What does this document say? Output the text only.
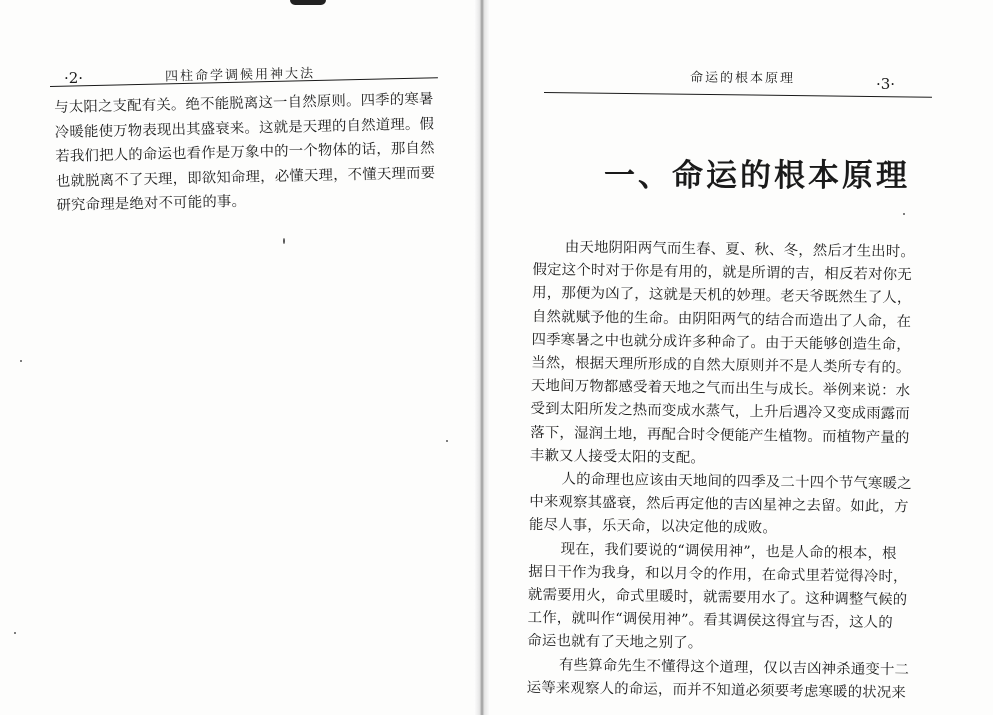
·2·	四柱命学调候用神大法
与太阳之支配有关。绝不能脱离这一自然原则。四季的寒暑
冷暖能使万物表现出其盛衰来。这就是天理的自然道理。假
若我们把人的命运也看作是万象中的一个物体的话，那自然
也就脱离不了天理，即欲知命理，必懂天理，不懂天理而要
研究命理是绝对不可能的事。
命运的根本原理	·3·
一、命运的根本原理
由天地阴阳两气而生春、夏、秋、冬，然后才生出时。
假定这个时对于你是有用的，就是所谓的吉，相反若对你无
用，那便为凶了，这就是天机的妙理。老天爷既然生了人，
自然就赋予他的生命。由阴阳两气的结合而造出了人命，在
四季寒暑之中也就分成许多种命了。由于天能够创造生命，
当然，根据天理所形成的自然大原则并不是人类所专有的。
天地间万物都感受着天地之气而出生与成长。举例来说：水
受到太阳所发之热而变成水蒸气，上升后遇冷又变成雨露而
落下，湿润土地，再配合时令便能产生植物。而植物产量的
丰歉又人接受太阳的支配。
人的命理也应该由天地间的四季及二十四个节气寒暖之
中来观察其盛衰，然后再定他的吉凶星神之去留。如此，方
能尽人事，乐天命，以决定他的成败。
现在，我们要说的“调侯用神”，也是人命的根本，根
据日干作为我身，和以月令的作用，在命式里若觉得冷时，
就需要用火，命式里暖时，就需要用水了。这种调整气候的
工作，就叫作“调侯用神”。看其调侯这得宜与否，这人的
命运也就有了天地之别了。
有些算命先生不懂得这个道理，仅以吉凶神杀通变十二
运等来观察人的命运，而并不知道必须要考虑寒暖的状况来
